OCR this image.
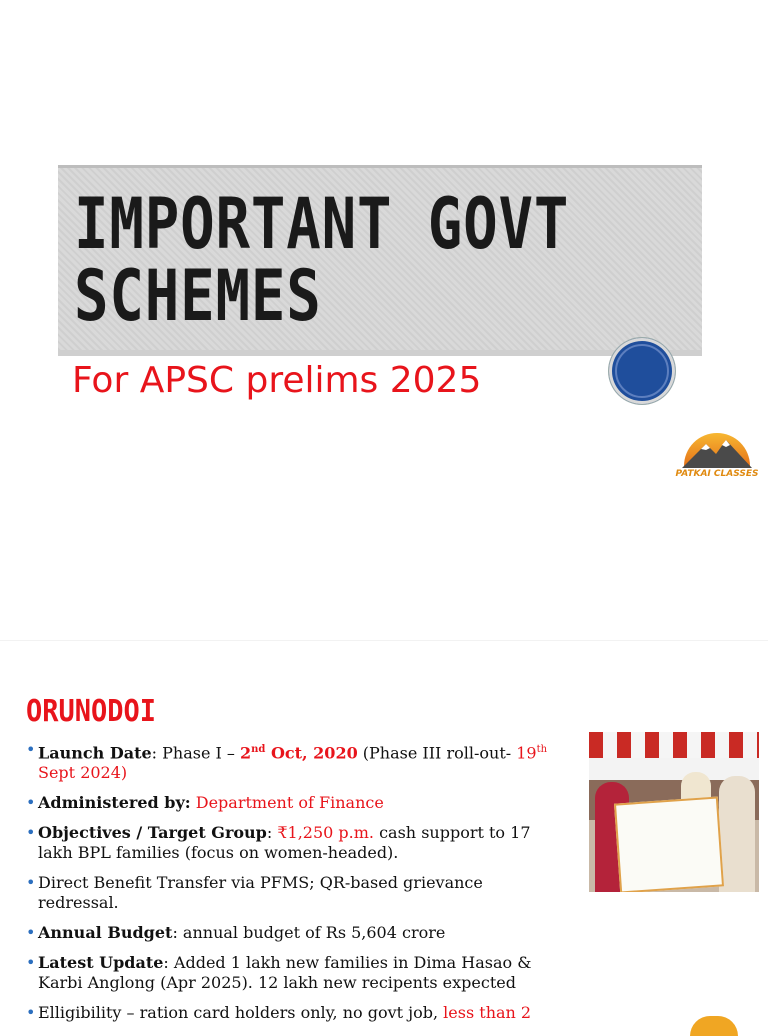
IMPORTANT GOVT
SCHEMES
For APSC prelims 2025
PATKAI CLASSES
ORUNODOI
• Launch Date: Phase I – 2nd Oct, 2020 (Phase III roll-out- 19th Sept 2024)
• Administered by: Department of Finance
• Objectives / Target Group: ₹1,250 p.m. cash support to 17 lakh BPL families (focus on women-headed).
• Direct Benefit Transfer via PFMS; QR-based grievance redressal.
• Annual Budget: annual budget of Rs 5,604 crore
• Latest Update: Added 1 lakh new families in Dima Hasao & Karbi Anglong (Apr 2025). 12 lakh new recipents expected
• Elligibility – ration card holders only, no govt job, less than 2
